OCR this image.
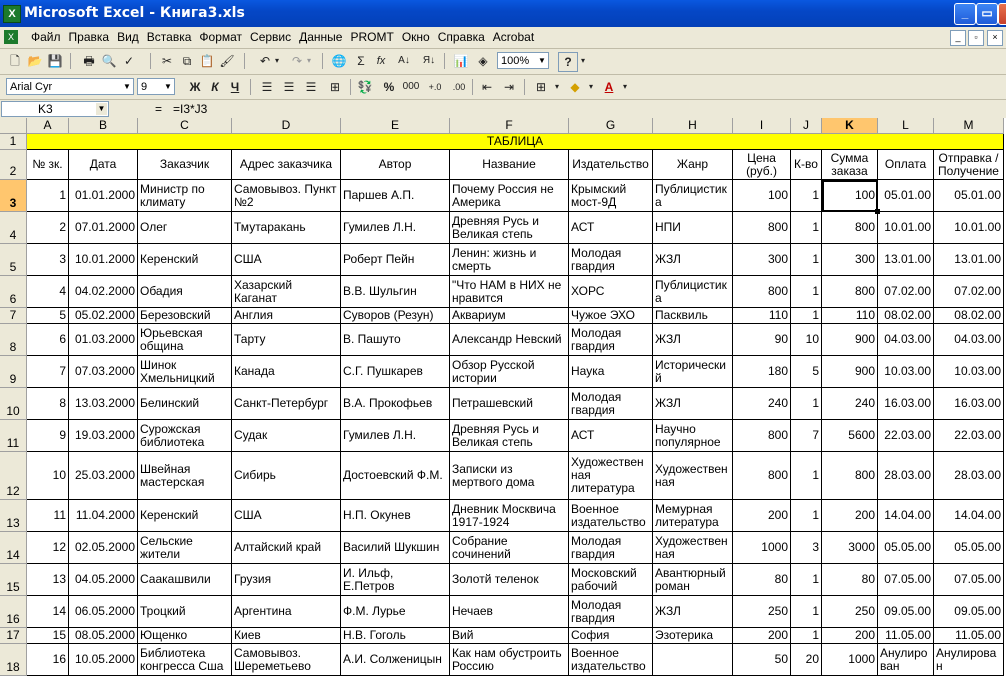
X Microsoft Excel - Книга3.xls	_	▭
X	Файл Правка Вид Вставка Формат Сервис Данные PROMT Окно Справка Acrobat	_	▫	×
🗋 📂 💾 🖶 🔍 ✓	✂ ⧉ 📋 🖌	↶ ▾	↷ ▾ 🌐 Σ	fx	A↓	Я↓ 📊 ◈	100% ▼	?	▾
Arial Cyr	▼ 9 ▼ Ж К	Ч	☰ ☰ ☰	⊞	💱 % 000 +.0	.00	⇤ ⇥	⊞	▾ ◆	▾ A	▾
K3	▼	= =I3*J3
A	B	C	D	E	F	G	H	I	J	K	L	M
1
2
3
4
5
6
7
8
9
10
11
12
13
14
15
16
17
18
ТАБЛИЦА
№ зк.	Дата	Заказчик	Адрес заказчика	Автор	Название	Издательство	Жанр	Цена (руб.)	К-во	Сумма заказа	Оплата	Отправка / Получение
1 01.01.2000 Министр по климату
Самовывоз. Пункт №2	Паршев А.П.	Почему Россия не Америка
Крымский мост-9Д
Публицистика	100	1	100 05.01.00	05.01.00
2 07.01.2000 Олег	Тмутаракань	Гумилев Л.Н.	Древняя Русь и Великая степь	АСТ	НПИ	800	1	800 10.01.00	10.01.00
3 10.01.2000 Керенский	США	Роберт Пейн	Ленин: жизнь и смерть
Молодая гвардия	ЖЗЛ	300	1	300 13.01.00	13.01.00
4 04.02.2000 Обадия	Хазарский Каганат	В.В. Шульгин	"Что НАМ в НИХ не нравится	ХОРС	Публицистика	800	1	800 07.02.00	07.02.00
5 05.02.2000 Березовский	Англия	Суворов (Резун)	Аквариум	Чужое ЭХО	Пасквиль	110	1	110 08.02.00	08.02.00
6 01.03.2000 Юрьевская община	Тарту	В. Пашуто	Александр Невский Молодая гвардия	ЖЗЛ	90	10	900 04.03.00	04.03.00
7 07.03.2000 Шинок Хмельницкий	Канада	С.Г. Пушкарев	Обзор Русской истории	Наука	Исторический	180	5	900 10.03.00	10.03.00
8 13.03.2000 Белинский	Санкт-Петербург	В.А. Прокофьев	Петрашевский	Молодая гвардия	ЖЗЛ	240	1	240 16.03.00	16.03.00
9 19.03.2000 Сурожская библиотека	Судак	Гумилев Л.Н.	Древняя Русь и Великая степь	АСТ	Научно популярное	800	7	5600 22.03.00	22.03.00
10 25.03.2000 Швейная мастерская	Сибирь	Достоевский Ф.М. Записки из мертвого дома
Художественная литература
Художественная	800	1	800 28.03.00	28.03.00
11 11.04.2000 Керенский	США	Н.П. Окунев	Дневник Москвича 1917-1924
Военное издательство
Мемурная литература	200	1	200 14.04.00	14.04.00
12 02.05.2000 Сельские жители	Алтайский край	Василий Шукшин	Собрание сочинений
Молодая гвардия
Художественная	1000	3	3000 05.05.00	05.05.00
13 04.05.2000 Саакашвили	Грузия	И. Ильф, Е.Петров	Золотй теленок	Московский рабочий
Авантюрный роман	80	1	80 07.05.00	07.05.00
14 06.05.2000 Троцкий	Аргентина	Ф.М. Лурье	Нечаев	Молодая гвардия	ЖЗЛ	250	1	250 09.05.00	09.05.00
15 08.05.2000 Ющенко	Киев	Н.В. Гоголь	Вий	София	Эзотерика	200	1	200 11.05.00	11.05.00
16 10.05.2000 Библиотека конгресса Сша
Самовывоз. Шереметьево	А.И. Солженицын Как нам обустроить Россию
Военное издательство	50	20	1000 Анулирован
Анулирован
